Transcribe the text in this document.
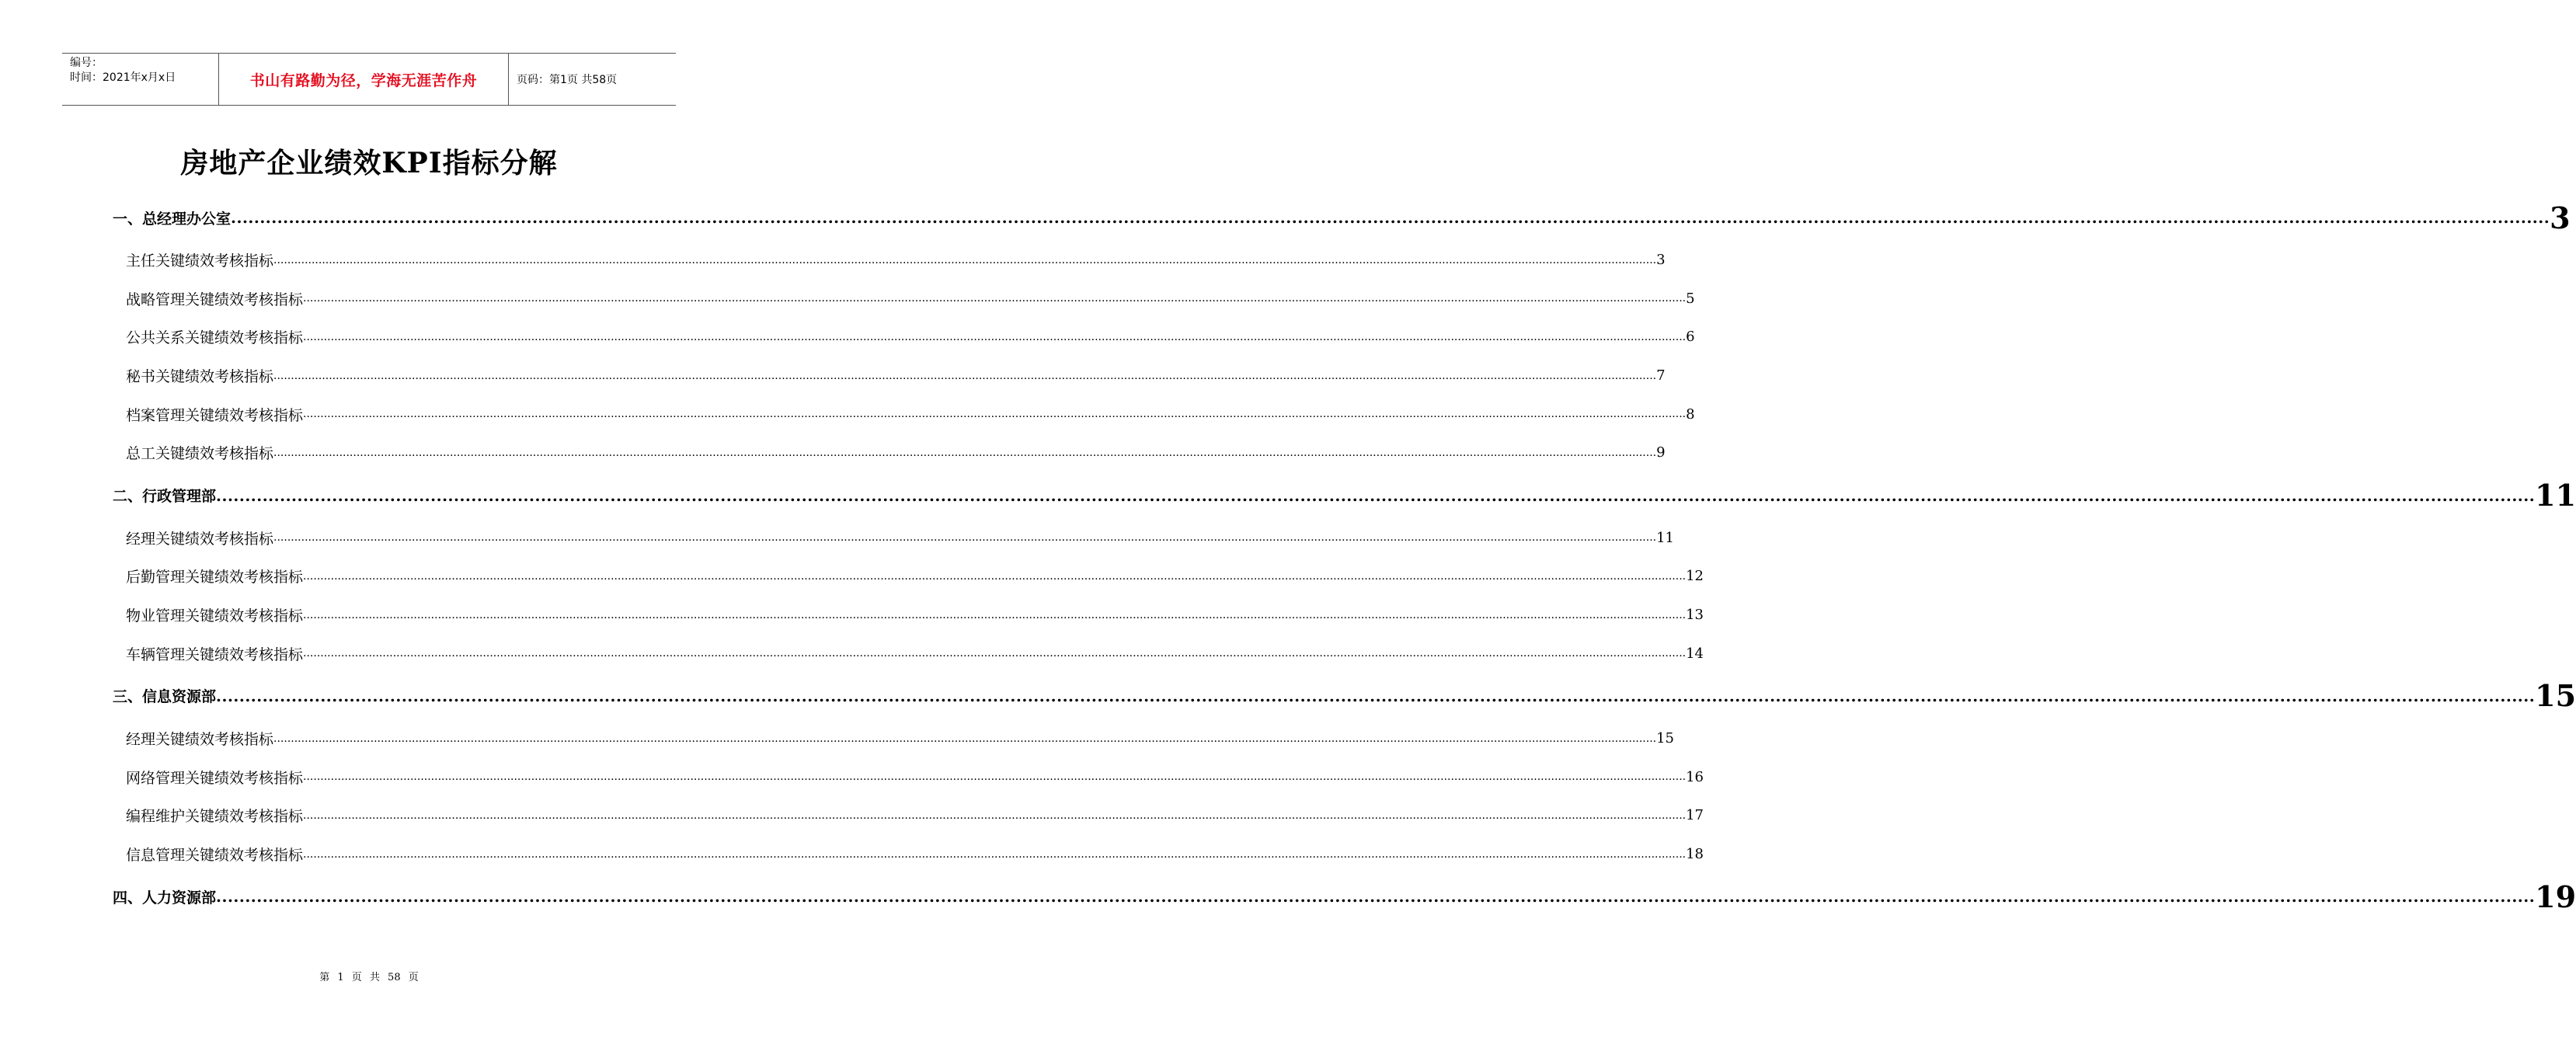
编号：
时间：2021年x月x日	书山有路勤为径，学海无涯苦作舟	页码：第1页 共58页
房地产企业绩效KPI指标分解
一、总经理办公室 ................................................................................................................................................................................................................................................................................................................................................................................................................ 3
主任关键绩效考核指标 ................................................................................................................................................................................................................................................................................................................................................................................................................ 3
战略管理关键绩效考核指标 ................................................................................................................................................................................................................................................................................................................................................................................................................ 5
公共关系关键绩效考核指标 ................................................................................................................................................................................................................................................................................................................................................................................................................ 6
秘书关键绩效考核指标 ................................................................................................................................................................................................................................................................................................................................................................................................................ 7
档案管理关键绩效考核指标 ................................................................................................................................................................................................................................................................................................................................................................................................................ 8
总工关键绩效考核指标 ................................................................................................................................................................................................................................................................................................................................................................................................................ 9
二、行政管理部 ................................................................................................................................................................................................................................................................................................................................................................................................................ 11
经理关键绩效考核指标 ................................................................................................................................................................................................................................................................................................................................................................................................................ 11
后勤管理关键绩效考核指标 ................................................................................................................................................................................................................................................................................................................................................................................................................ 12
物业管理关键绩效考核指标 ................................................................................................................................................................................................................................................................................................................................................................................................................ 13
车辆管理关键绩效考核指标 ................................................................................................................................................................................................................................................................................................................................................................................................................ 14
三、信息资源部 ................................................................................................................................................................................................................................................................................................................................................................................................................ 15
经理关键绩效考核指标 ................................................................................................................................................................................................................................................................................................................................................................................................................ 15
网络管理关键绩效考核指标 ................................................................................................................................................................................................................................................................................................................................................................................................................ 16
编程维护关键绩效考核指标 ................................................................................................................................................................................................................................................................................................................................................................................................................ 17
信息管理关键绩效考核指标 ................................................................................................................................................................................................................................................................................................................................................................................................................ 18
四、人力资源部 ................................................................................................................................................................................................................................................................................................................................................................................................................ 19
第 1 页 共 58 页
